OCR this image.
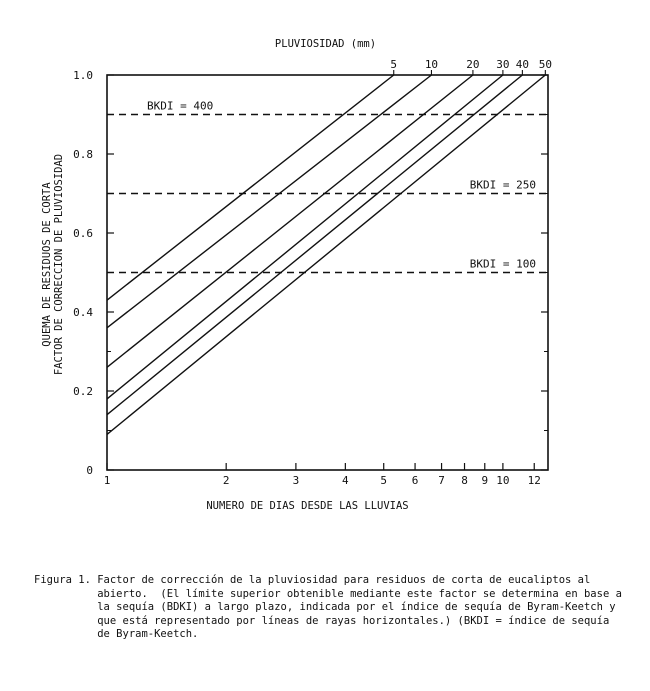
0
0.2
0.4
0.6
0.8
1.0
1	2	3	4	5 6 7 8 9 10 12
BKDI = 400
BKDI = 250
BKDI = 100
5	10	20 30 40 50
PLUVIOSIDAD (mm)
NUMERO DE DIAS DESDE LAS LLUVIAS
QUEMA DE RESIDUOS DE CORTA FACTOR DE CORRECCION DE PLUVIOSIDAD
Figura 1. Factor de corrección de la pluviosidad para residuos de corta de eucaliptos al abierto.  (El límite superior obtenible mediante este factor se determina en base a la sequía (BDKI) a largo plazo, indicada por el índice de sequía de Byram-Keetch y que está representado por líneas de rayas horizontales.) (BKDI = índice de sequía de Byram-Keetch.
